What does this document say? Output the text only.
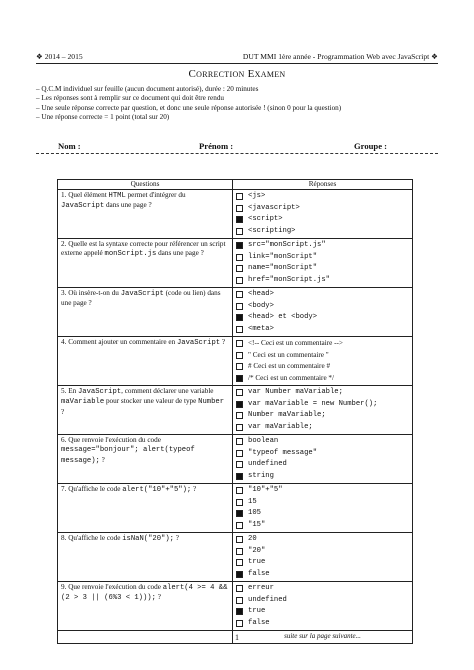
❖ 2014 – 2015	DUT MMI 1ère année - Programmation Web avec JavaScript ❖
Correction Examen
– Q.C.M individuel sur feuille (aucun document autorisé), durée : 20 minutes
– Les réponses sont à remplir sur ce document qui doit être rendu
– Une seule réponse correcte par question, et donc une seule réponse autorisée ! (sinon 0 pour la question)
– Une réponse correcte = 1 point (total sur 20)
Nom :	Prénom :	Groupe :
Questions	Réponses
1. Quel élément HTML permet d'intégrer du JavaScript dans une page ?	<js>
<javascript>
<script>
<scripting>

2. Quelle est la syntaxe correcte pour référencer un script externe appelé monScript.js dans une page ?	src="monScript.js"
link="monScript"
name="monScript"
href="monScript.js"

3. Où insère-t-on du JavaScript (code ou lien) dans une page ?	<head>
<body>
<head> et <body>
<meta>

4. Comment ajouter un commentaire en JavaScript ?	<!-- Ceci est un commentaire -->
" Ceci est un commentaire "
# Ceci est un commentaire #
/* Ceci est un commentaire */

5. En JavaScript, comment déclarer une variable maVariable pour stocker une valeur de type Number ?	var Number maVariable;
var maVariable = new Number();
Number maVariable;
var maVariable;

6. Que renvoie l'exécution du code message="bonjour"; alert(typeof message); ?	boolean
"typeof message"
undefined
string

7. Qu'affiche le code alert("10"+"5"); ?	"10"+"5"
15
105
"15"

8. Qu'affiche le code isNaN("20"); ?	20
"20"
true
false

9. Que renvoie l'exécution du code alert(4 >= 4 && (2 > 3 || (6%3 < 1))); ?	erreur
undefined
true
false

	suite sur la page suivante...
1
